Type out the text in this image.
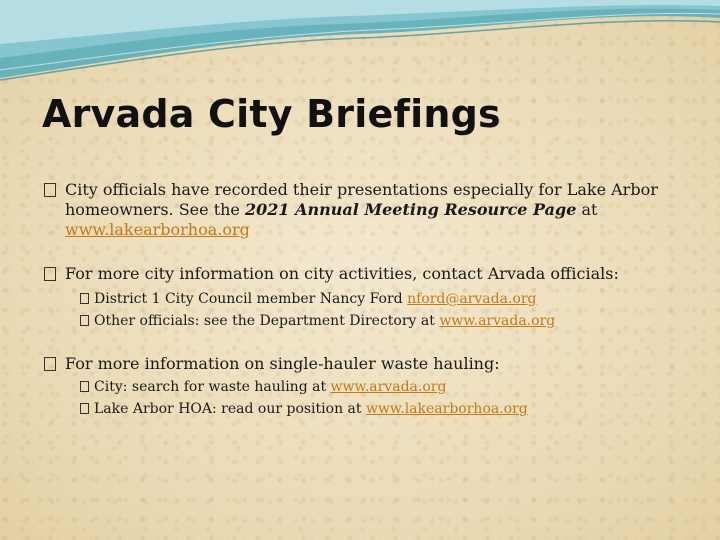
Arvada City Briefings
City officials have recorded their presentations especially for Lake Arbor homeowners. See the 2021 Annual Meeting Resource Page at www.lakearborhoa.org
For more city information on city activities, contact Arvada officials:
District 1 City Council member Nancy Ford nford@arvada.org
Other officials: see the Department Directory at www.arvada.org
For more information on single-hauler waste hauling:
City: search for waste hauling at www.arvada.org
Lake Arbor HOA: read our position at www.lakearborhoa.org
